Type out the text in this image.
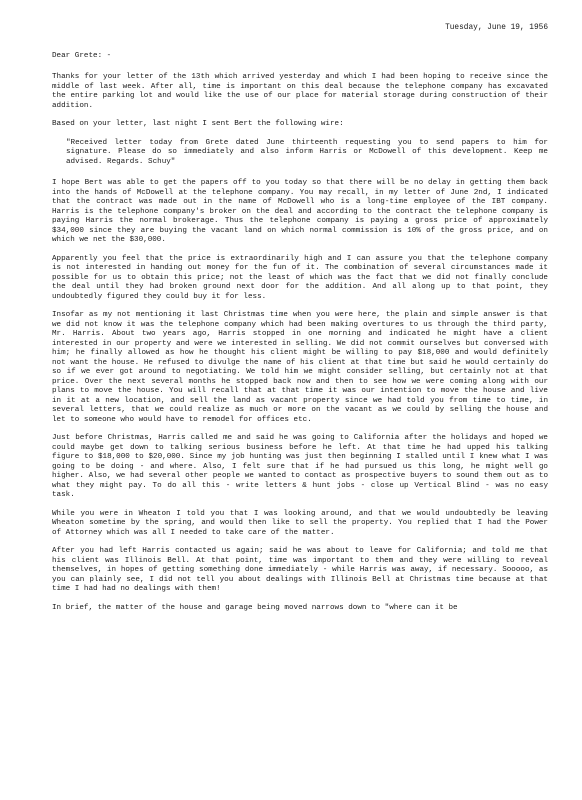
Tuesday, June 19, 1956
Dear Grete: -

Thanks for your letter of the 13th which arrived yesterday and which I had been hoping to receive since the middle of last week. After all, time is important on this deal because the telephone company has excavated the entire parking lot and would like the use of our place for material storage during construction of their addition.

Based on your letter, last night I sent Bert the following wire:

"Received letter today from Grete dated June thirteenth requesting you to send papers to him for signature. Please do so immediately and also inform Harris or McDowell of this development. Keep me advised. Regards. Schuy"

I hope Bert was able to get the papers off to you today so that there will be no delay in getting them back into the hands of McDowell at the telephone company. You may recall, in my letter of June 2nd, I indicated that the contract was made out in the name of McDowell who is a long-time employee of the IBT company. Harris is the telephone company's broker on the deal and according to the contract the telephone company is paying Harris the normal brokerage. Thus the telephone company is paying a gross price of approximately $34,000 since they are buying the vacant land on which normal commission is 10% of the gross price, and on which we net the $30,000.

Apparently you feel that the price is extraordinarily high and I can assure you that the telephone company is not interested in handing out money for the fun of it. The combination of several circumstances made it possible for us to obtain this price; not the least of which was the fact that we did not finally conclude the deal until they had broken ground next door for the addition. And all along up to that point, they undoubtedly figured they could buy it for less.

Insofar as my not mentioning it last Christmas time when you were here, the plain and simple answer is that we did not know it was the telephone company which had been making overtures to us through the third party, Mr. Harris. About two years ago, Harris stopped in one morning and indicated he might have a client interested in our property and were we interested in selling. We did not commit ourselves but conversed with him; he finally allowed as how he thought his client might be willing to pay $18,000 and would definitely not want the house. He refused to divulge the name of his client at that time but said he would certainly do so if we ever got around to negotiating. We told him we might consider selling, but certainly not at that price. Over the next several months he stopped back now and then to see how we were coming along with our plans to move the house. You will recall that at that time it was our intention to move the house and live in it at a new location, and sell the land as vacant property since we had told you from time to time, in several letters, that we could realize as much or more on the vacant as we could by selling the house and let to someone who would have to remodel for offices etc.

Just before Christmas, Harris called me and said he was going to California after the holidays and hoped we could maybe get down to talking serious business before he left. At that time he had upped his talking figure to $18,000 to $20,000. Since my job hunting was just then beginning I stalled until I knew what I was going to be doing - and where. Also, I felt sure that if he had pursued us this long, he might well go higher. Also, we had several other people we wanted to contact as prospective buyers to sound them out as to what they might pay. To do all this - write letters & hunt jobs - close up Vertical Blind - was no easy task.

While you were in Wheaton I told you that I was looking around, and that we would undoubtedly be leaving Wheaton sometime by the spring, and would then like to sell the property. You replied that I had the Power of Attorney which was all I needed to take care of the matter.

After you had left Harris contacted us again; said he was about to leave for California; and told me that his client was Illinois Bell. At that point, time was important to them and they were willing to reveal themselves, in hopes of getting something done immediately - while Harris was away, if necessary. Sooooo, as you can plainly see, I did not tell you about dealings with Illinois Bell at Christmas time because at that time I had had no dealings with them!

In brief, the matter of the house and garage being moved narrows down to "where can it be
